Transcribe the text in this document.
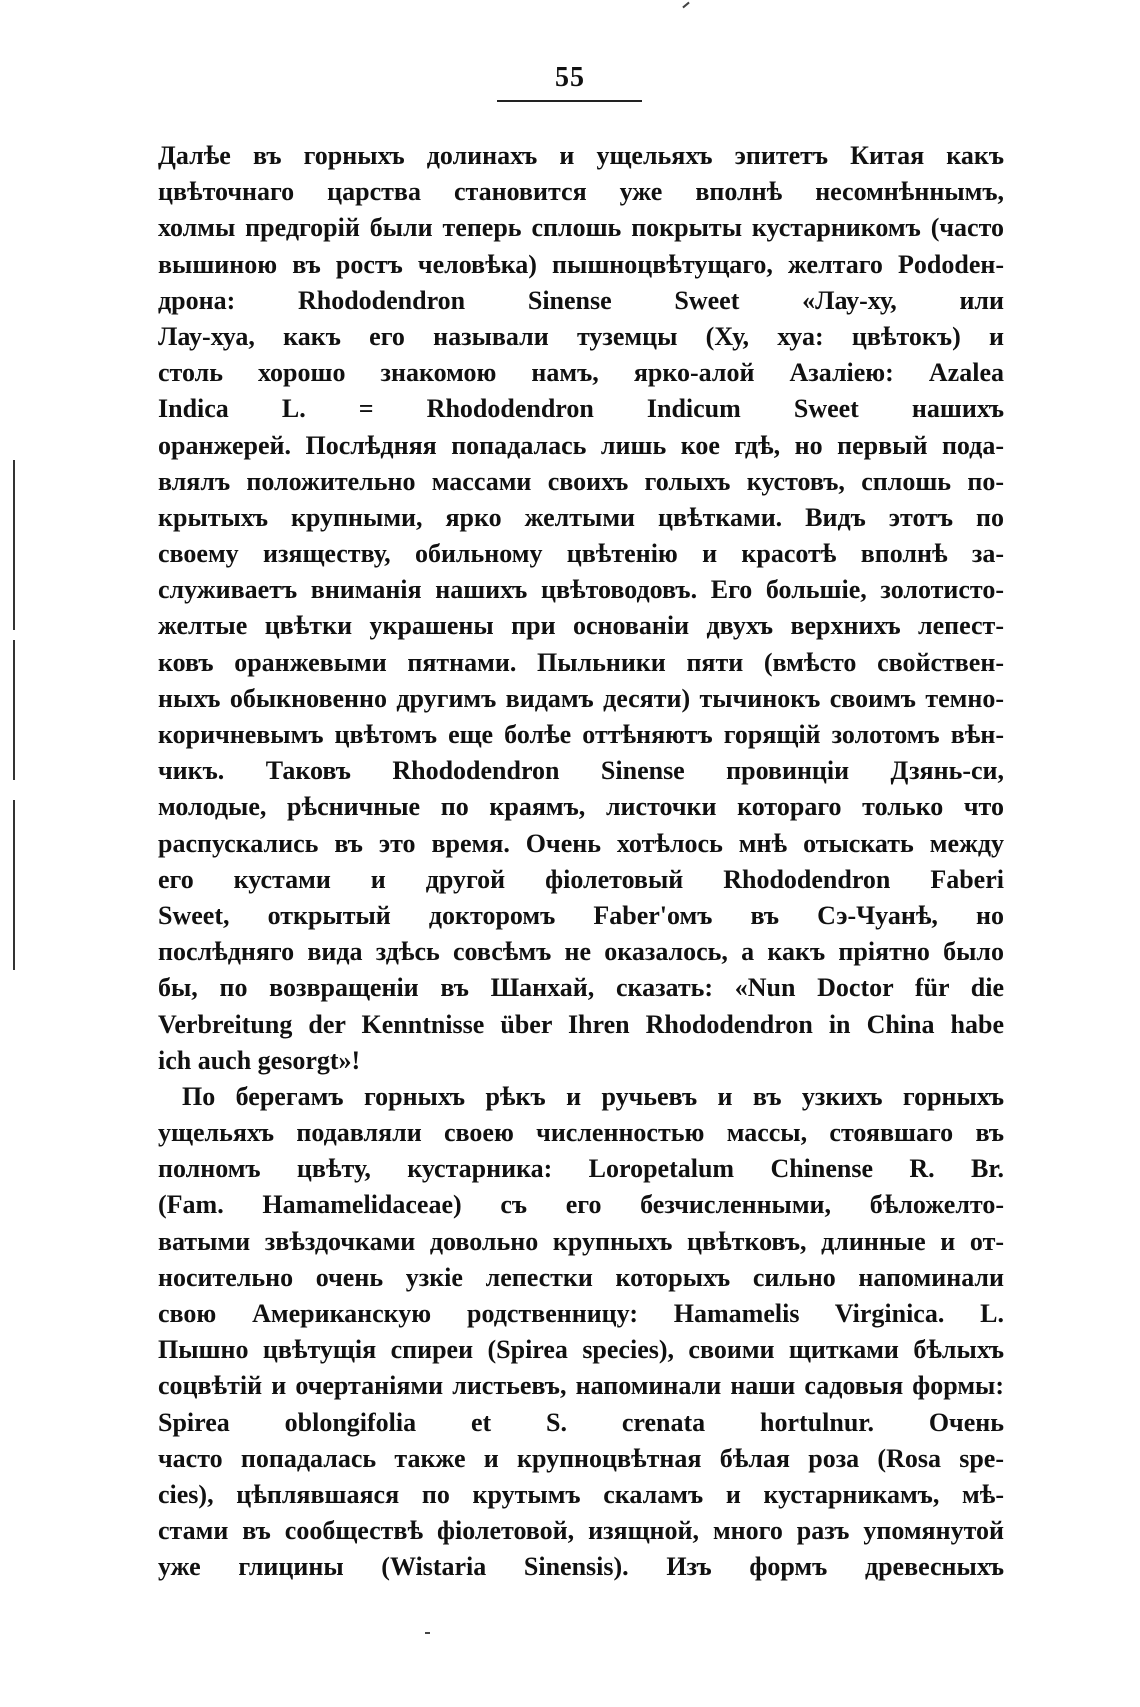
55
Далѣе въ горныхъ долинахъ и ущельяхъ эпитетъ Китая какъ
цвѣточнаго царства становится уже вполнѣ несомнѣннымъ,
холмы предгорій были теперь сплошь покрыты кустарникомъ (часто
вышиною въ ростъ человѣка) пышноцвѣтущаго, желтаго Рododен-
дрона: Rhododendron Sinense Sweet «Лау-ху, или
Лау-хуа, какъ его называли туземцы (Ху, хуа: цвѣтокъ) и
столь хорошо знакомою намъ, ярко-алой Азаліею: Azalea
Indica L. = Rhododendron Indicum Sweet нашихъ
оранжерей. Послѣдняя попадалась лишь кое гдѣ, но первый пода-
влялъ положительно массами своихъ голыхъ кустовъ, сплошь по-
крытыхъ крупными, ярко желтыми цвѣтками. Видъ этотъ по
своему изяществу, обильному цвѣтенію и красотѣ вполнѣ за-
служиваетъ вниманія нашихъ цвѣтоводовъ. Его большіе, золотисто-
желтые цвѣтки украшены при основаніи двухъ верхнихъ лепест-
ковъ оранжевыми пятнами. Пыльники пяти (вмѣсто свойствен-
ныхъ обыкновенно другимъ видамъ десяти) тычинокъ своимъ темно-
коричневымъ цвѣтомъ еще болѣе оттѣняютъ горящій золотомъ вѣн-
чикъ. Таковъ Rhododendron Sinense провинціи Дзянь-си,
молодые, рѣсничные по краямъ, листочки котораго только что
распускались въ это время. Очень хотѣлось мнѣ отыскать между
его кустами и другой фіолетовый Rhododendron Faberi
Sweet, открытый докторомъ Faber'омъ въ Сэ-Чуанѣ, но
послѣдняго вида здѣсь совсѣмъ не оказалось, а какъ пріятно было
бы, по возвращеніи въ Шанхай, сказать: «Nun Doctor für die
Verbreitung der Kenntnisse über Ihren Rhododendron in China habe
ich auch gesorgt»!
По берегамъ горныхъ рѣкъ и ручьевъ и въ узкихъ горныхъ
ущельяхъ подавляли своею численностью массы, стоявшаго въ
полномъ цвѣту, кустарника: Loropetalum Chinense R. Br.
(Fam. Hamamelidaceae) съ его безчисленными, бѣложелто-
ватыми звѣздочками довольно крупныхъ цвѣтковъ, длинные и от-
носительно очень узкіе лепестки которыхъ сильно напоминали
свою Американскую родственницу: Hamamelis Virginica. L.
Пышно цвѣтущія спиреи (Spirea species), своими щитками бѣлыхъ
соцвѣтій и очертаніями листьевъ, напоминали наши садовыя формы:
Spirea oblongifolia et S. crenata hortulnur. Очень
часто попадалась также и крупноцвѣтная бѣлая роза (Rosa spe-
cies), цѣплявшаяся по крутымъ скаламъ и кустарникамъ, мѣ-
стами въ сообществѣ фіолетовой, изящной, много разъ упомянутой
уже глицины (Wistaria Sinensis). Изъ формъ древесныхъ
